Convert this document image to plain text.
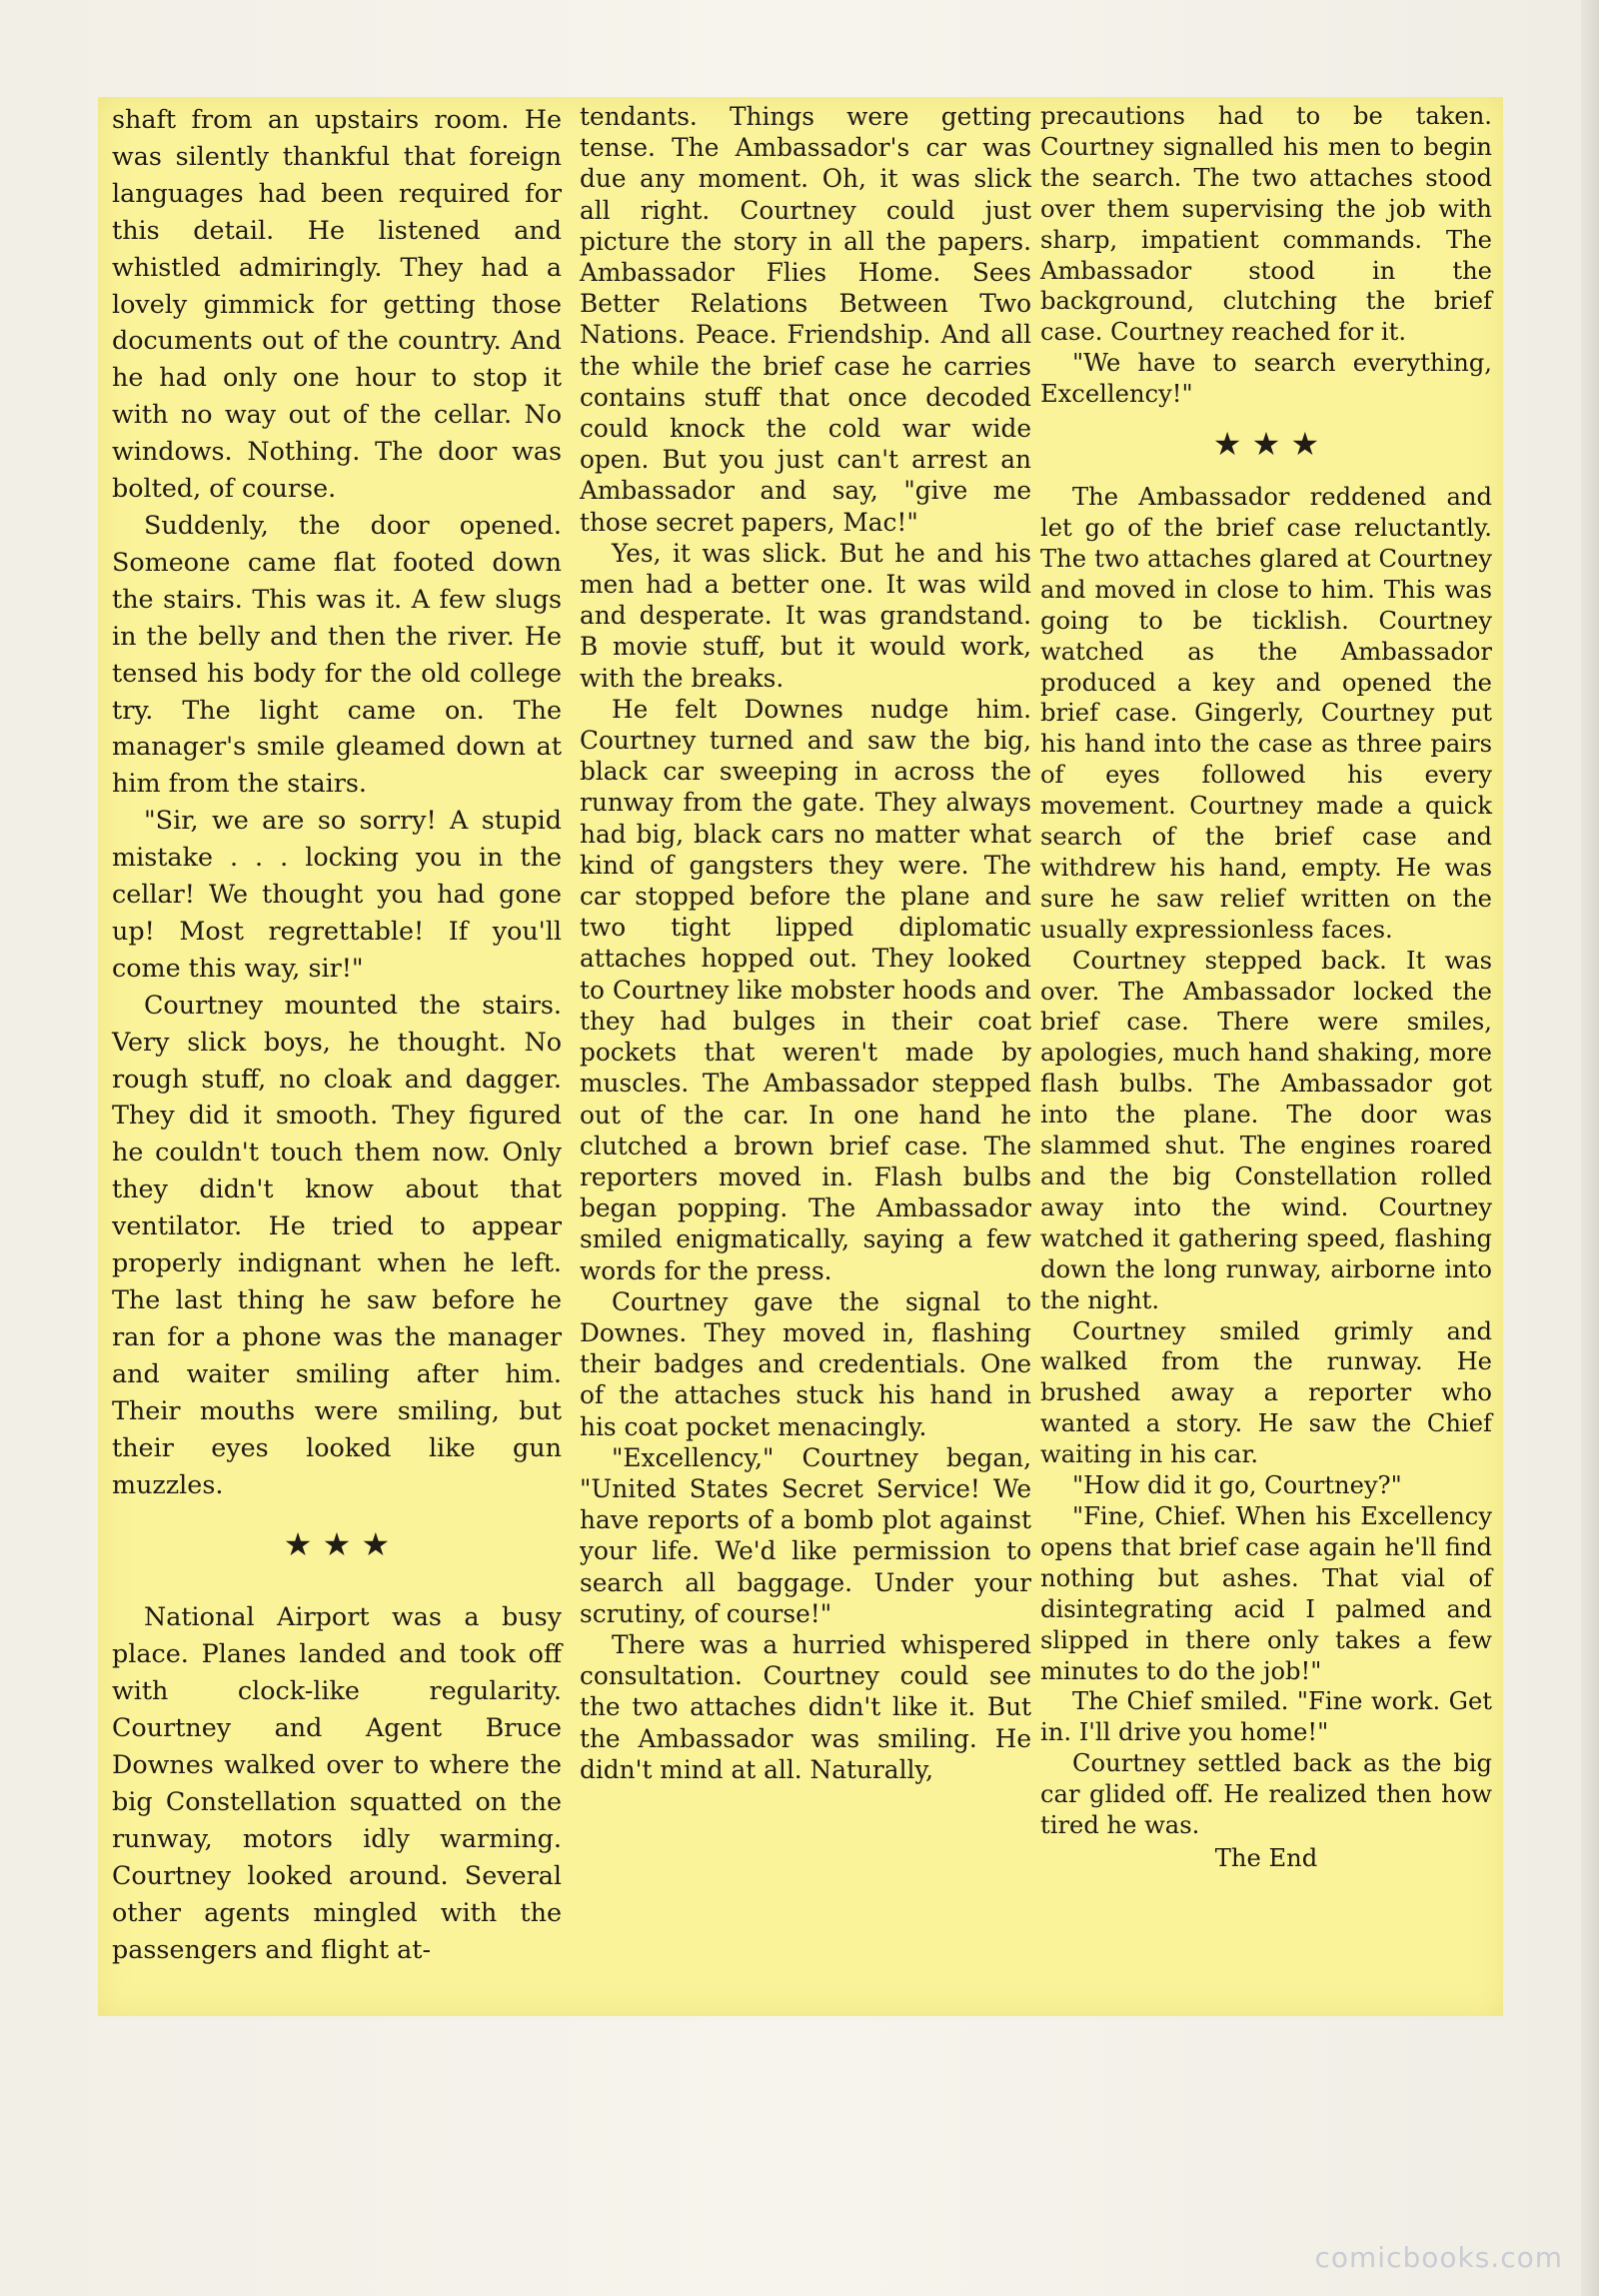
shaft from an upstairs room. He was silently thankful that foreign languages had been required for this detail. He listened and whistled admiringly. They had a lovely gimmick for getting those documents out of the country. And he had only one hour to stop it with no way out of the cellar. No windows. Nothing. The door was bolted, of course.

Suddenly, the door opened. Someone came flat footed down the stairs. This was it. A few slugs in the belly and then the river. He tensed his body for the old college try. The light came on. The manager's smile gleamed down at him from the stairs.

"Sir, we are so sorry! A stupid mistake . . . locking you in the cellar! We thought you had gone up! Most regrettable! If you'll come this way, sir!"

Courtney mounted the stairs. Very slick boys, he thought. No rough stuff, no cloak and dagger. They did it smooth. They figured he couldn't touch them now. Only they didn't know about that ventilator. He tried to appear properly indignant when he left. The last thing he saw before he ran for a phone was the manager and waiter smiling after him. Their mouths were smiling, but their eyes looked like gun muzzles.

★ ★ ★

National Airport was a busy place. Planes landed and took off with clock-like regularity. Courtney and Agent Bruce Downes walked over to where the big Constellation squatted on the runway, motors idly warming. Courtney looked around. Several other agents mingled with the passengers and flight at-

tendants. Things were getting tense. The Ambassador's car was due any moment. Oh, it was slick all right. Courtney could just picture the story in all the papers. Ambassador Flies Home. Sees Better Relations Between Two Nations. Peace. Friendship. And all the while the brief case he carries contains stuff that once decoded could knock the cold war wide open. But you just can't arrest an Ambassador and say, "give me those secret papers, Mac!"

Yes, it was slick. But he and his men had a better one. It was wild and desperate. It was grandstand. B movie stuff, but it would work, with the breaks.

He felt Downes nudge him. Courtney turned and saw the big, black car sweeping in across the runway from the gate. They always had big, black cars no matter what kind of gangsters they were. The car stopped before the plane and two tight lipped diplomatic attaches hopped out. They looked to Courtney like mobster hoods and they had bulges in their coat pockets that weren't made by muscles. The Ambassador stepped out of the car. In one hand he clutched a brown brief case. The reporters moved in. Flash bulbs began popping. The Ambassador smiled enigmatically, saying a few words for the press.

Courtney gave the signal to Downes. They moved in, flashing their badges and credentials. One of the attaches stuck his hand in his coat pocket menacingly.

"Excellency," Courtney began, "United States Secret Service! We have reports of a bomb plot against your life. We'd like permission to search all baggage. Under your scrutiny, of course!"

There was a hurried whispered consultation. Courtney could see the two attaches didn't like it. But the Ambassador was smiling. He didn't mind at all. Naturally,

precautions had to be taken. Courtney signalled his men to begin the search. The two attaches stood over them supervising the job with sharp, impatient commands. The Ambassador stood in the background, clutching the brief case. Courtney reached for it.

"We have to search everything, Excellency!"

★ ★ ★

The Ambassador reddened and let go of the brief case reluctantly. The two attaches glared at Courtney and moved in close to him. This was going to be ticklish. Courtney watched as the Ambassador produced a key and opened the brief case. Gingerly, Courtney put his hand into the case as three pairs of eyes followed his every movement. Courtney made a quick search of the brief case and withdrew his hand, empty. He was sure he saw relief written on the usually expressionless faces.

Courtney stepped back. It was over. The Ambassador locked the brief case. There were smiles, apologies, much hand shaking, more flash bulbs. The Ambassador got into the plane. The door was slammed shut. The engines roared and the big Constellation rolled away into the wind. Courtney watched it gathering speed, flashing down the long runway, airborne into the night.

Courtney smiled grimly and walked from the runway. He brushed away a reporter who wanted a story. He saw the Chief waiting in his car.

"How did it go, Courtney?"

"Fine, Chief. When his Excellency opens that brief case again he'll find nothing but ashes. That vial of disintegrating acid I palmed and slipped in there only takes a few minutes to do the job!"

The Chief smiled. "Fine work. Get in. I'll drive you home!"

Courtney settled back as the big car glided off. He realized then how tired he was.

The End

comicbooks.com
